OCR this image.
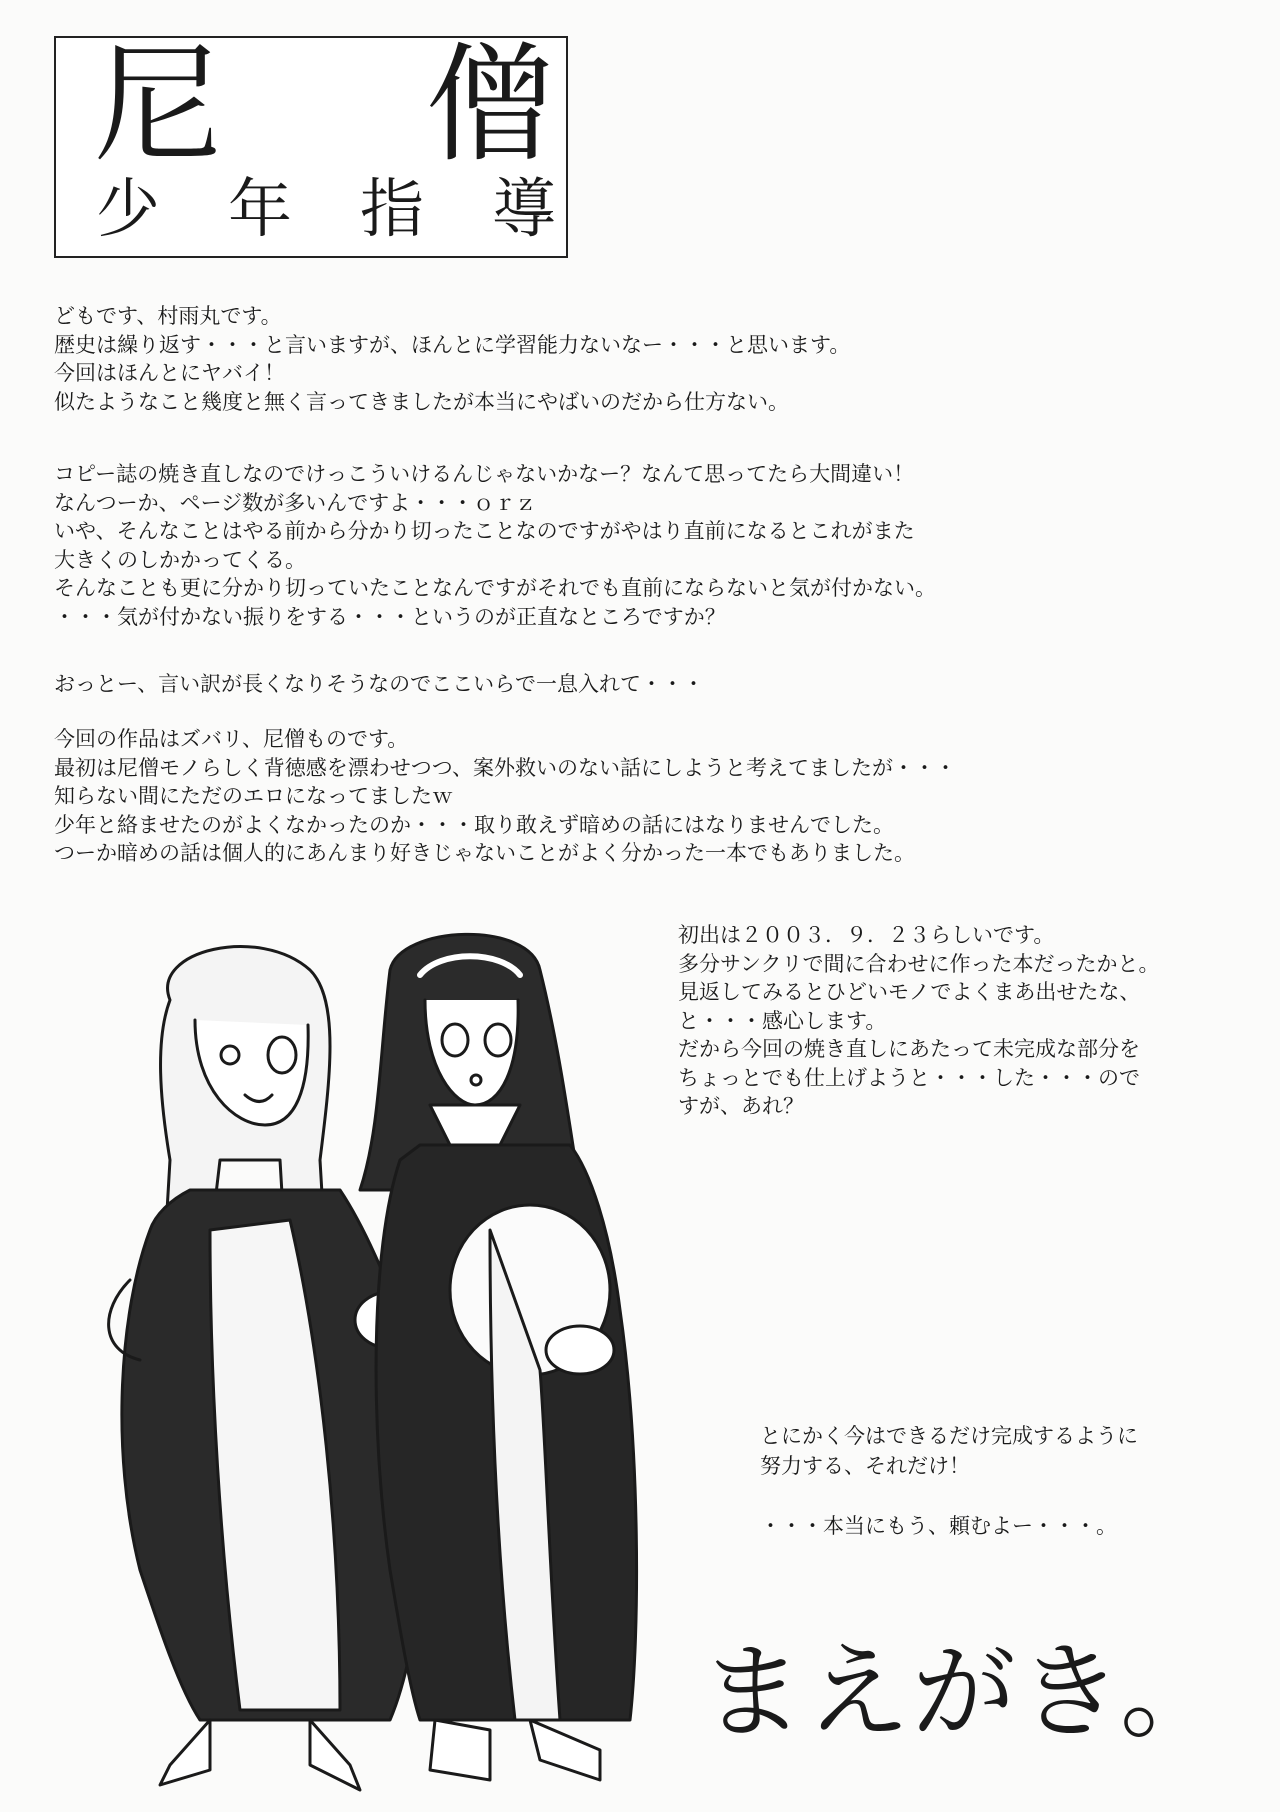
尼 僧
少 年 指 導
どもです、村雨丸です。
歴史は繰り返す・・・と言いますが、ほんとに学習能力ないなー・・・と思います。
今回はほんとにヤバイ！
似たようなこと幾度と無く言ってきましたが本当にやばいのだから仕方ない。
コピー誌の焼き直しなのでけっこういけるんじゃないかなー？なんて思ってたら大間違い！
なんつーか、ページ数が多いんですよ・・・ｏｒｚ
いや、そんなことはやる前から分かり切ったことなのですがやはり直前になるとこれがまた
大きくのしかかってくる。
そんなことも更に分かり切っていたことなんですがそれでも直前にならないと気が付かない。
・・・気が付かない振りをする・・・というのが正直なところですか？
おっとー、言い訳が長くなりそうなのでここいらで一息入れて・・・
今回の作品はズバリ、尼僧ものです。
最初は尼僧モノらしく背徳感を漂わせつつ、案外救いのない話にしようと考えてましたが・・・
知らない間にただのエロになってましたｗ
少年と絡ませたのがよくなかったのか・・・取り敢えず暗めの話にはなりませんでした。
つーか暗めの話は個人的にあんまり好きじゃないことがよく分かった一本でもありました。
初出は２００３．９．２３らしいです。
多分サンクリで間に合わせに作った本だったかと。
見返してみるとひどいモノでよくまあ出せたな、
と・・・感心します。
だから今回の焼き直しにあたって未完成な部分を
ちょっとでも仕上げようと・・・した・・・ので
すが、あれ？
とにかく今はできるだけ完成するように
努力する、それだけ！
・・・本当にもう、頼むよー・・・。
まえがき。
